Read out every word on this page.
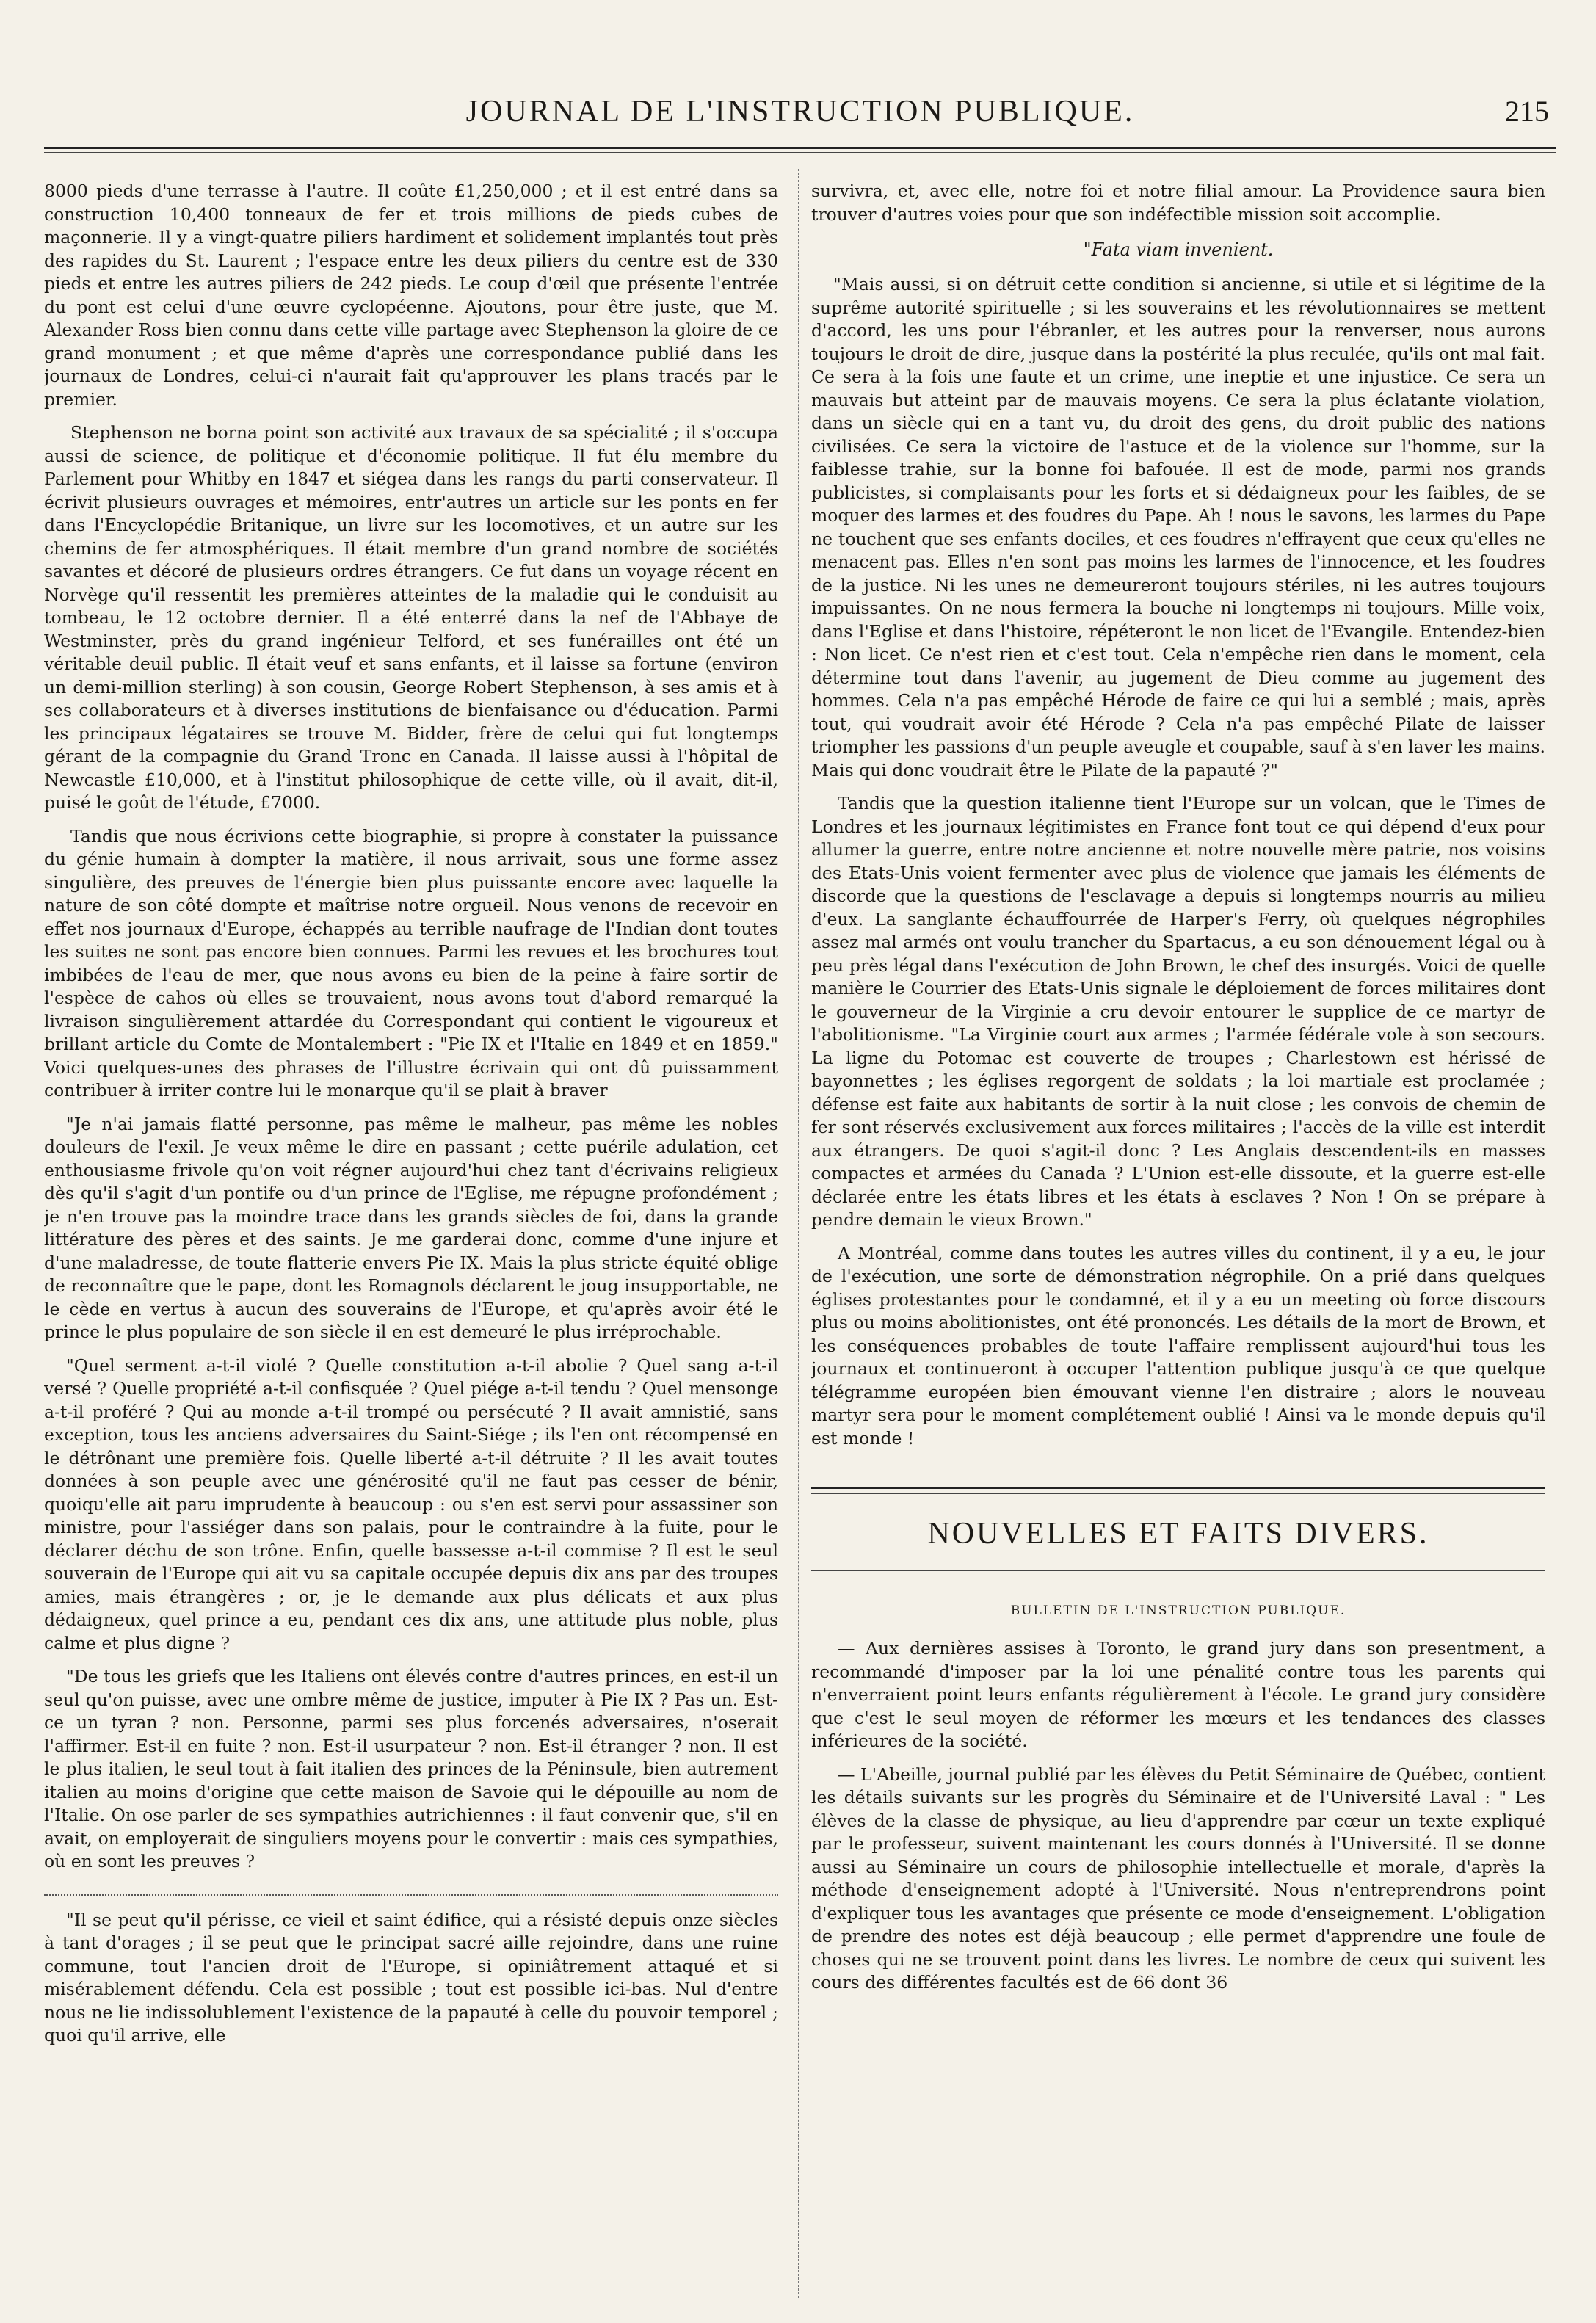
JOURNAL DE L'INSTRUCTION PUBLIQUE.	215

8000 pieds d'une terrasse à l'autre. Il coûte £1,250,000 ; et il est entré dans sa construction 10,400 tonneaux de fer et trois millions de pieds cubes de maçonnerie. Il y a vingt-quatre piliers hardiment et solidement implantés tout près des rapides du St. Laurent ; l'espace entre les deux piliers du centre est de 330 pieds et entre les autres piliers de 242 pieds. Le coup d'œil que présente l'entrée du pont est celui d'une œuvre cyclopéenne. Ajoutons, pour être juste, que M. Alexander Ross bien connu dans cette ville partage avec Stephenson la gloire de ce grand monument ; et que même d'après une correspondance publié dans les journaux de Londres, celui-ci n'aurait fait qu'approuver les plans tracés par le premier.

Stephenson ne borna point son activité aux travaux de sa spécialité ; il s'occupa aussi de science, de politique et d'économie politique. Il fut élu membre du Parlement pour Whitby en 1847 et siégea dans les rangs du parti conservateur. Il écrivit plusieurs ouvrages et mémoires, entr'autres un article sur les ponts en fer dans l'Encyclopédie Britanique, un livre sur les locomotives, et un autre sur les chemins de fer atmosphériques. Il était membre d'un grand nombre de sociétés savantes et décoré de plusieurs ordres étrangers. Ce fut dans un voyage récent en Norvège qu'il ressentit les premières atteintes de la maladie qui le conduisit au tombeau, le 12 octobre dernier. Il a été enterré dans la nef de l'Abbaye de Westminster, près du grand ingénieur Telford, et ses funérailles ont été un véritable deuil public. Il était veuf et sans enfants, et il laisse sa fortune (environ un demi-million sterling) à son cousin, George Robert Stephenson, à ses amis et à ses collaborateurs et à diverses institutions de bienfaisance ou d'éducation. Parmi les principaux légataires se trouve M. Bidder, frère de celui qui fut longtemps gérant de la compagnie du Grand Tronc en Canada. Il laisse aussi à l'hôpital de Newcastle £10,000, et à l'institut philosophique de cette ville, où il avait, dit-il, puisé le goût de l'étude, £7000.

Tandis que nous écrivions cette biographie, si propre à constater la puissance du génie humain à dompter la matière, il nous arrivait, sous une forme assez singulière, des preuves de l'énergie bien plus puissante encore avec laquelle la nature de son côté dompte et maîtrise notre orgueil. Nous venons de recevoir en effet nos journaux d'Europe, échappés au terrible naufrage de l'Indian dont toutes les suites ne sont pas encore bien connues. Parmi les revues et les brochures tout imbibées de l'eau de mer, que nous avons eu bien de la peine à faire sortir de l'espèce de cahos où elles se trouvaient, nous avons tout d'abord remarqué la livraison singulièrement attardée du Correspondant qui contient le vigoureux et brillant article du Comte de Montalembert : "Pie IX et l'Italie en 1849 et en 1859." Voici quelques-unes des phrases de l'illustre écrivain qui ont dû puissamment contribuer à irriter contre lui le monarque qu'il se plait à braver

"Je n'ai jamais flatté personne, pas même le malheur, pas même les nobles douleurs de l'exil. Je veux même le dire en passant ; cette puérile adulation, cet enthousiasme frivole qu'on voit régner aujourd'hui chez tant d'écrivains religieux dès qu'il s'agit d'un pontife ou d'un prince de l'Eglise, me répugne profondément ; je n'en trouve pas la moindre trace dans les grands siècles de foi, dans la grande littérature des pères et des saints. Je me garderai donc, comme d'une injure et d'une maladresse, de toute flatterie envers Pie IX. Mais la plus stricte équité oblige de reconnaître que le pape, dont les Romagnols déclarent le joug insupportable, ne le cède en vertus à aucun des souverains de l'Europe, et qu'après avoir été le prince le plus populaire de son siècle il en est demeuré le plus irréprochable.

"Quel serment a-t-il violé ? Quelle constitution a-t-il abolie ? Quel sang a-t-il versé ? Quelle propriété a-t-il confisquée ? Quel piége a-t-il tendu ? Quel mensonge a-t-il proféré ? Qui au monde a-t-il trompé ou persécuté ? Il avait amnistié, sans exception, tous les anciens adversaires du Saint-Siége ; ils l'en ont récompensé en le détrônant une première fois. Quelle liberté a-t-il détruite ? Il les avait toutes données à son peuple avec une générosité qu'il ne faut pas cesser de bénir, quoiqu'elle ait paru imprudente à beaucoup : ou s'en est servi pour assassiner son ministre, pour l'assiéger dans son palais, pour le contraindre à la fuite, pour le déclarer déchu de son trône. Enfin, quelle bassesse a-t-il commise ? Il est le seul souverain de l'Europe qui ait vu sa capitale occupée depuis dix ans par des troupes amies, mais étrangères ; or, je le demande aux plus délicats et aux plus dédaigneux, quel prince a eu, pendant ces dix ans, une attitude plus noble, plus calme et plus digne ?

"De tous les griefs que les Italiens ont élevés contre d'autres princes, en est-il un seul qu'on puisse, avec une ombre même de justice, imputer à Pie IX ? Pas un. Est-ce un tyran ? non. Personne, parmi ses plus forcenés adversaires, n'oserait l'affirmer. Est-il en fuite ? non. Est-il usurpateur ? non. Est-il étranger ? non. Il est le plus italien, le seul tout à fait italien des princes de la Péninsule, bien autrement italien au moins d'origine que cette maison de Savoie qui le dépouille au nom de l'Italie. On ose parler de ses sympathies autrichiennes : il faut convenir que, s'il en avait, on employerait de singuliers moyens pour le convertir : mais ces sympathies, où en sont les preuves ?

"Il se peut qu'il périsse, ce vieil et saint édifice, qui a résisté depuis onze siècles à tant d'orages ; il se peut que le principat sacré aille rejoindre, dans une ruine commune, tout l'ancien droit de l'Europe, si opiniâtrement attaqué et si misérablement défendu. Cela est possible ; tout est possible ici-bas. Nul d'entre nous ne lie indissolublement l'existence de la papauté à celle du pouvoir temporel ; quoi qu'il arrive, elle

survivra, et, avec elle, notre foi et notre filial amour. La Providence saura bien trouver d'autres voies pour que son indéfectible mission soit accomplie.

"Fata viam invenient.

"Mais aussi, si on détruit cette condition si ancienne, si utile et si légitime de la suprême autorité spirituelle ; si les souverains et les révolutionnaires se mettent d'accord, les uns pour l'ébranler, et les autres pour la renverser, nous aurons toujours le droit de dire, jusque dans la postérité la plus reculée, qu'ils ont mal fait. Ce sera à la fois une faute et un crime, une ineptie et une injustice. Ce sera un mauvais but atteint par de mauvais moyens. Ce sera la plus éclatante violation, dans un siècle qui en a tant vu, du droit des gens, du droit public des nations civilisées. Ce sera la victoire de l'astuce et de la violence sur l'homme, sur la faiblesse trahie, sur la bonne foi bafouée. Il est de mode, parmi nos grands publicistes, si complaisants pour les forts et si dédaigneux pour les faibles, de se moquer des larmes et des foudres du Pape. Ah ! nous le savons, les larmes du Pape ne touchent que ses enfants dociles, et ces foudres n'effrayent que ceux qu'elles ne menacent pas. Elles n'en sont pas moins les larmes de l'innocence, et les foudres de la justice. Ni les unes ne demeureront toujours stériles, ni les autres toujours impuissantes. On ne nous fermera la bouche ni longtemps ni toujours. Mille voix, dans l'Eglise et dans l'histoire, répéteront le non licet de l'Evangile. Entendez-bien : Non licet. Ce n'est rien et c'est tout. Cela n'empêche rien dans le moment, cela détermine tout dans l'avenir, au jugement de Dieu comme au jugement des hommes. Cela n'a pas empêché Hérode de faire ce qui lui a semblé ; mais, après tout, qui voudrait avoir été Hérode ? Cela n'a pas empêché Pilate de laisser triompher les passions d'un peuple aveugle et coupable, sauf à s'en laver les mains. Mais qui donc voudrait être le Pilate de la papauté ?"

Tandis que la question italienne tient l'Europe sur un volcan, que le Times de Londres et les journaux légitimistes en France font tout ce qui dépend d'eux pour allumer la guerre, entre notre ancienne et notre nouvelle mère patrie, nos voisins des Etats-Unis voient fermenter avec plus de violence que jamais les éléments de discorde que la questions de l'esclavage a depuis si longtemps nourris au milieu d'eux. La sanglante échauffourrée de Harper's Ferry, où quelques négrophiles assez mal armés ont voulu trancher du Spartacus, a eu son dénouement légal ou à peu près légal dans l'exécution de John Brown, le chef des insurgés. Voici de quelle manière le Courrier des Etats-Unis signale le déploiement de forces militaires dont le gouverneur de la Virginie a cru devoir entourer le supplice de ce martyr de l'abolitionisme. "La Virginie court aux armes ; l'armée fédérale vole à son secours. La ligne du Potomac est couverte de troupes ; Charlestown est hérissé de bayonnettes ; les églises regorgent de soldats ; la loi martiale est proclamée ; défense est faite aux habitants de sortir à la nuit close ; les convois de chemin de fer sont réservés exclusivement aux forces militaires ; l'accès de la ville est interdit aux étrangers. De quoi s'agit-il donc ? Les Anglais descendent-ils en masses compactes et armées du Canada ? L'Union est-elle dissoute, et la guerre est-elle déclarée entre les états libres et les états à esclaves ? Non ! On se prépare à pendre demain le vieux Brown."

A Montréal, comme dans toutes les autres villes du continent, il y a eu, le jour de l'exécution, une sorte de démonstration négrophile. On a prié dans quelques églises protestantes pour le condamné, et il y a eu un meeting où force discours plus ou moins abolitionistes, ont été prononcés. Les détails de la mort de Brown, et les conséquences probables de toute l'affaire remplissent aujourd'hui tous les journaux et continueront à occuper l'attention publique jusqu'à ce que quelque télégramme européen bien émouvant vienne l'en distraire ; alors le nouveau martyr sera pour le moment complétement oublié ! Ainsi va le monde depuis qu'il est monde !

NOUVELLES ET FAITS DIVERS.
BULLETIN DE L'INSTRUCTION PUBLIQUE.

— Aux dernières assises à Toronto, le grand jury dans son presentment, a recommandé d'imposer par la loi une pénalité contre tous les parents qui n'enverraient point leurs enfants régulièrement à l'école. Le grand jury considère que c'est le seul moyen de réformer les mœurs et les tendances des classes inférieures de la société.

— L'Abeille, journal publié par les élèves du Petit Séminaire de Québec, contient les détails suivants sur les progrès du Séminaire et de l'Université Laval : " Les élèves de la classe de physique, au lieu d'apprendre par cœur un texte expliqué par le professeur, suivent maintenant les cours donnés à l'Université. Il se donne aussi au Séminaire un cours de philosophie intellectuelle et morale, d'après la méthode d'enseignement adopté à l'Université. Nous n'entreprendrons point d'expliquer tous les avantages que présente ce mode d'enseignement. L'obligation de prendre des notes est déjà beaucoup ; elle permet d'apprendre une foule de choses qui ne se trouvent point dans les livres. Le nombre de ceux qui suivent les cours des différentes facultés est de 66 dont 36
